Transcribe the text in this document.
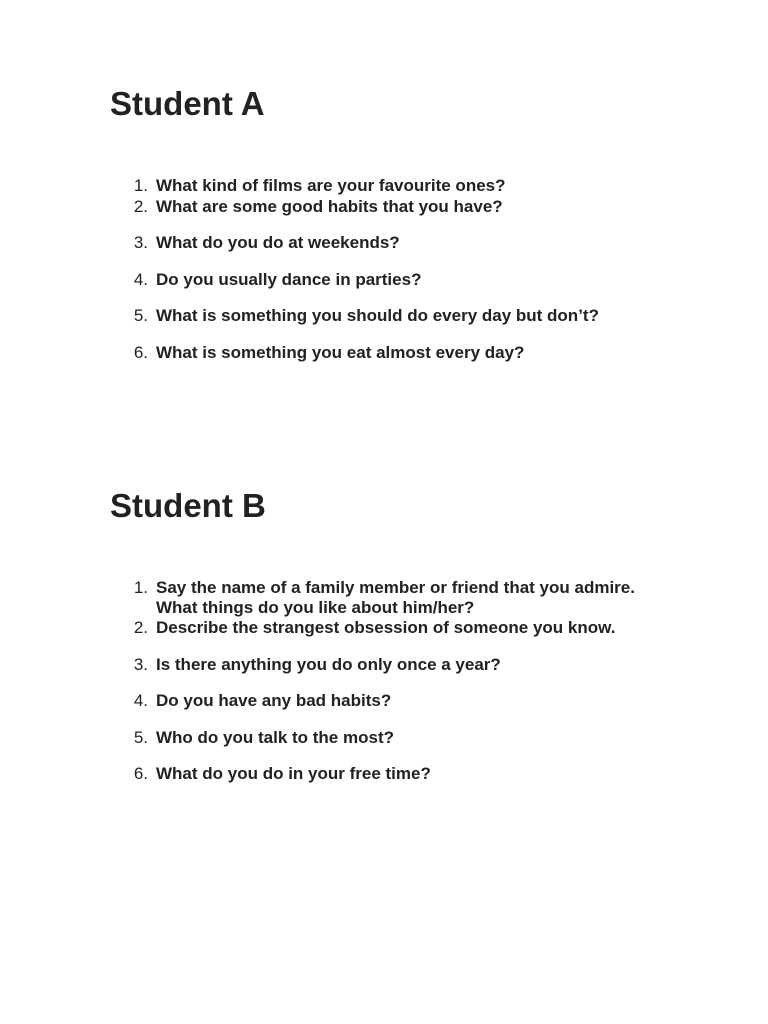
Student A
1. What kind of films are your favourite ones?
2. What are some good habits that you have?
3. What do you do at weekends?
4. Do you usually dance in parties?
5. What is something you should do every day but don’t?
6. What is something you eat almost every day?
Student B
1. Say the name of a family member or friend that you admire. What things do you like about him/her?
2. Describe the strangest obsession of someone you know.
3. Is there anything you do only once a year?
4. Do you have any bad habits?
5. Who do you talk to the most?
6. What do you do in your free time?
